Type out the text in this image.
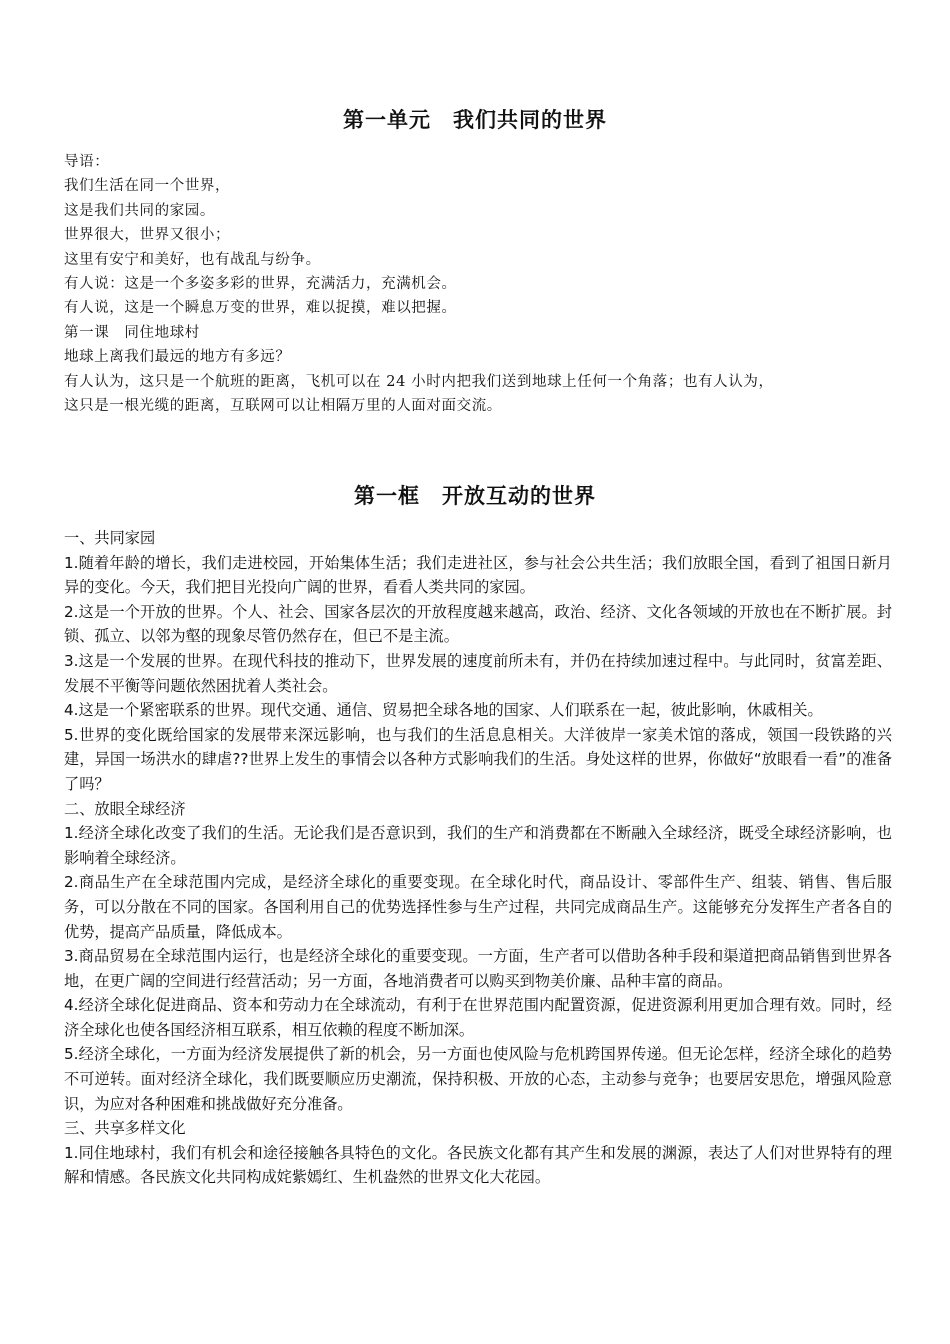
第一单元　我们共同的世界
导语：
我们生活在同一个世界，
这是我们共同的家园。
世界很大，世界又很小；
这里有安宁和美好，也有战乱与纷争。
有人说：这是一个多姿多彩的世界，充满活力，充满机会。
有人说，这是一个瞬息万变的世界，难以捉摸，难以把握。
第一课　同住地球村
地球上离我们最远的地方有多远？
有人认为，这只是一个航班的距离，飞机可以在 24 小时内把我们送到地球上任何一个角落；也有人认为，
这只是一根光缆的距离，互联网可以让相隔万里的人面对面交流。
第一框　开放互动的世界

一、共同家园

1.随着年龄的增长，我们走进校园，开始集体生活；我们走进社区，参与社会公共生活；我们放眼全国，看到了祖国日新月异的变化。今天，我们把目光投向广阔的世界，看看人类共同的家园。

2.这是一个开放的世界。个人、社会、国家各层次的开放程度越来越高，政治、经济、文化各领域的开放也在不断扩展。封锁、孤立、以邻为壑的现象尽管仍然存在，但已不是主流。

3.这是一个发展的世界。在现代科技的推动下，世界发展的速度前所未有，并仍在持续加速过程中。与此同时，贫富差距、发展不平衡等问题依然困扰着人类社会。

4.这是一个紧密联系的世界。现代交通、通信、贸易把全球各地的国家、人们联系在一起，彼此影响，休戚相关。

5.世界的变化既给国家的发展带来深远影响，也与我们的生活息息相关。大洋彼岸一家美术馆的落成，领国一段铁路的兴建，异国一场洪水的肆虐??世界上发生的事情会以各种方式影响我们的生活。身处这样的世界，你做好“放眼看一看”的准备了吗？

二、放眼全球经济

1.经济全球化改变了我们的生活。无论我们是否意识到，我们的生产和消费都在不断融入全球经济，既受全球经济影响，也影响着全球经济。

2.商品生产在全球范围内完成，是经济全球化的重要变现。在全球化时代，商品设计、零部件生产、组装、销售、售后服务，可以分散在不同的国家。各国利用自己的优势选择性参与生产过程，共同完成商品生产。这能够充分发挥生产者各自的优势，提高产品质量，降低成本。

3.商品贸易在全球范围内运行，也是经济全球化的重要变现。一方面，生产者可以借助各种手段和渠道把商品销售到世界各地，在更广阔的空间进行经营活动；另一方面，各地消费者可以购买到物美价廉、品种丰富的商品。

4.经济全球化促进商品、资本和劳动力在全球流动，有利于在世界范围内配置资源，促进资源利用更加合理有效。同时，经济全球化也使各国经济相互联系，相互依赖的程度不断加深。

5.经济全球化，一方面为经济发展提供了新的机会，另一方面也使风险与危机跨国界传递。但无论怎样，经济全球化的趋势不可逆转。面对经济全球化，我们既要顺应历史潮流，保持积极、开放的心态，主动参与竞争；也要居安思危，增强风险意识，为应对各种困难和挑战做好充分准备。

三、共享多样文化

1.同住地球村，我们有机会和途径接触各具特色的文化。各民族文化都有其产生和发展的渊源，表达了人们对世界特有的理解和情感。各民族文化共同构成姹紫嫣红、生机盎然的世界文化大花园。
